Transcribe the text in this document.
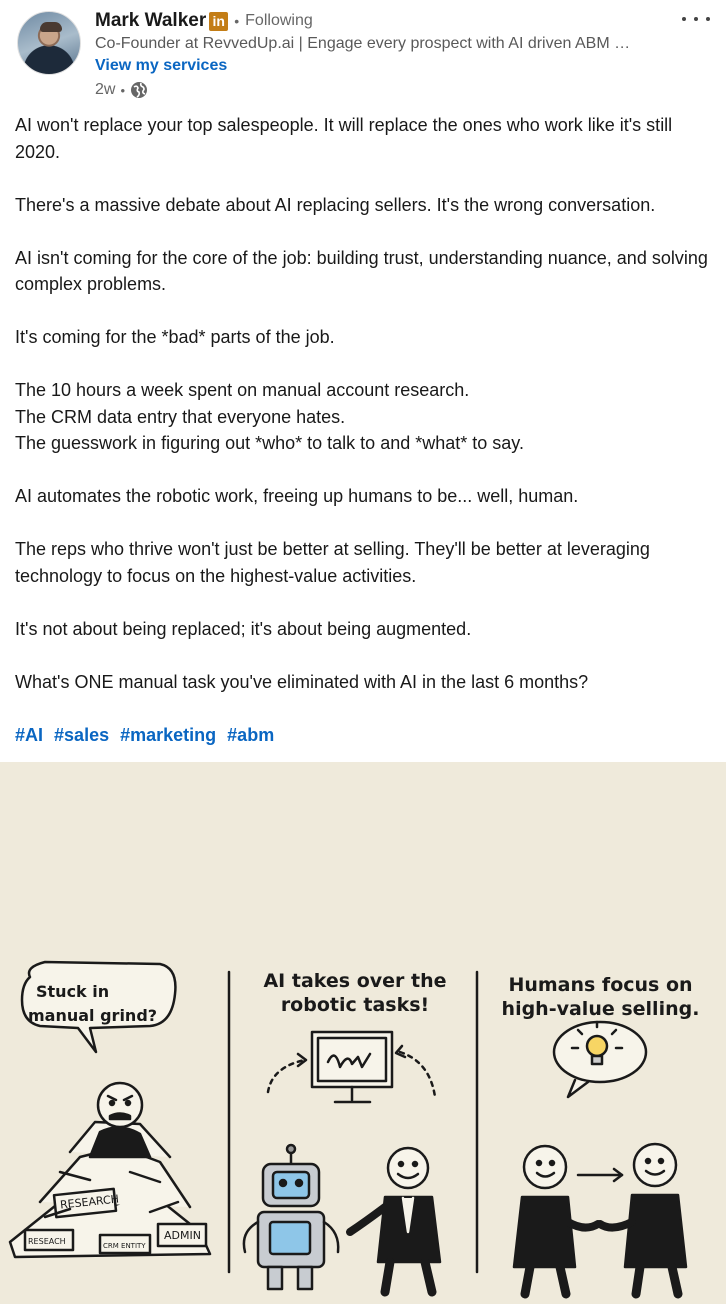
Mark Walker in • Following
Co-Founder at RevvedUp.ai | Engage every prospect with AI driven ABM …
View my services
2w •

AI won't replace your top salespeople. It will replace the ones who work like it's still 2020.

There's a massive debate about AI replacing sellers. It's the wrong conversation.

AI isn't coming for the core of the job: building trust, understanding nuance, and solving complex problems.

It's coming for the *bad* parts of the job.

The 10 hours a week spent on manual account research.

The CRM data entry that everyone hates.

The guesswork in figuring out *who* to talk to and *what* to say.

AI automates the robotic work, freeing up humans to be... well, human.

The reps who thrive won't just be better at selling. They'll be better at leveraging technology to focus on the highest-value activities.

It's not about being replaced; it's about being augmented.

What's ONE manual task you've eliminated with AI in the last 6 months?

#AI #sales #marketing #abm
RESEARCH
RESEACH	CRM ENTITY
ADMIN
Stuck in
manual grind?
AI takes over the
robotic tasks!
Humans focus on
high-value selling.
